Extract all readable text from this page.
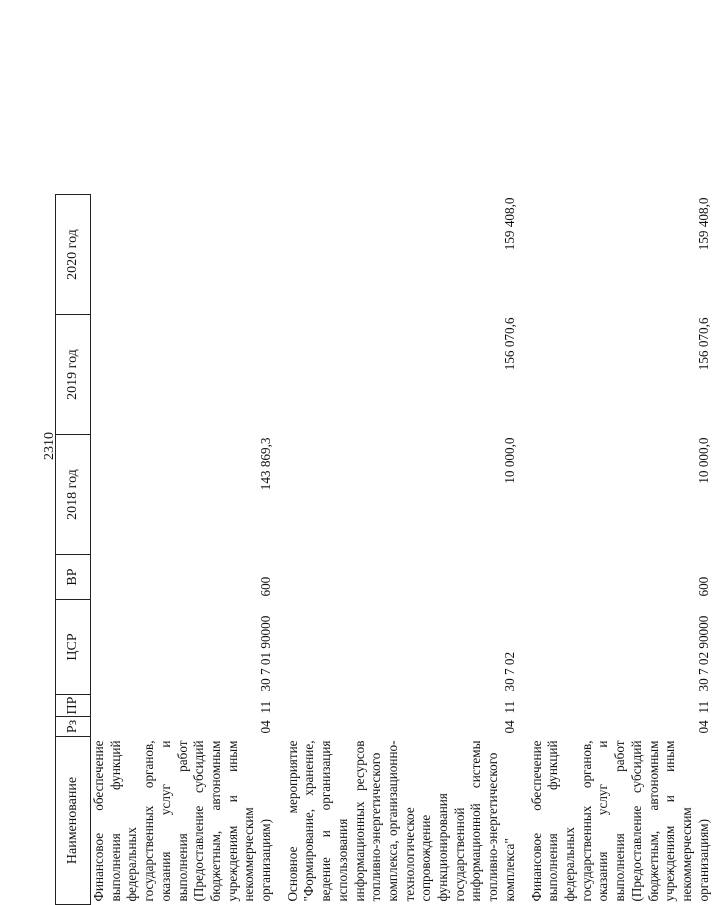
2310
Наименование	Рз	ПР	ЦСР	ВР	2018 год	2019 год	2020 год
Финансовое обеспечение выполнения функций федеральных государственных органов, оказания услуг и выполнения работ (Предоставление субсидий бюджетным, автономным учреждениям и иным некоммерческим организациям)	04	11	30 7 01 90000	600	143 869,3		
Основное мероприятие "Формирование, хранение, ведение и организация использования информационных ресурсов топливно-энергетического комплекса, организационно-технологическое сопровождение функционирования государственной информационной системы топливно-энергетического комплекса"	04	11	30 7 02		10 000,0	156 070,6	159 408,0
Финансовое обеспечение выполнения функций федеральных государственных органов, оказания услуг и выполнения работ (Предоставление субсидий бюджетным, автономным учреждениям и иным некоммерческим организациям)	04	11	30 7 02 90000	600	10 000,0	156 070,6	159 408,0
